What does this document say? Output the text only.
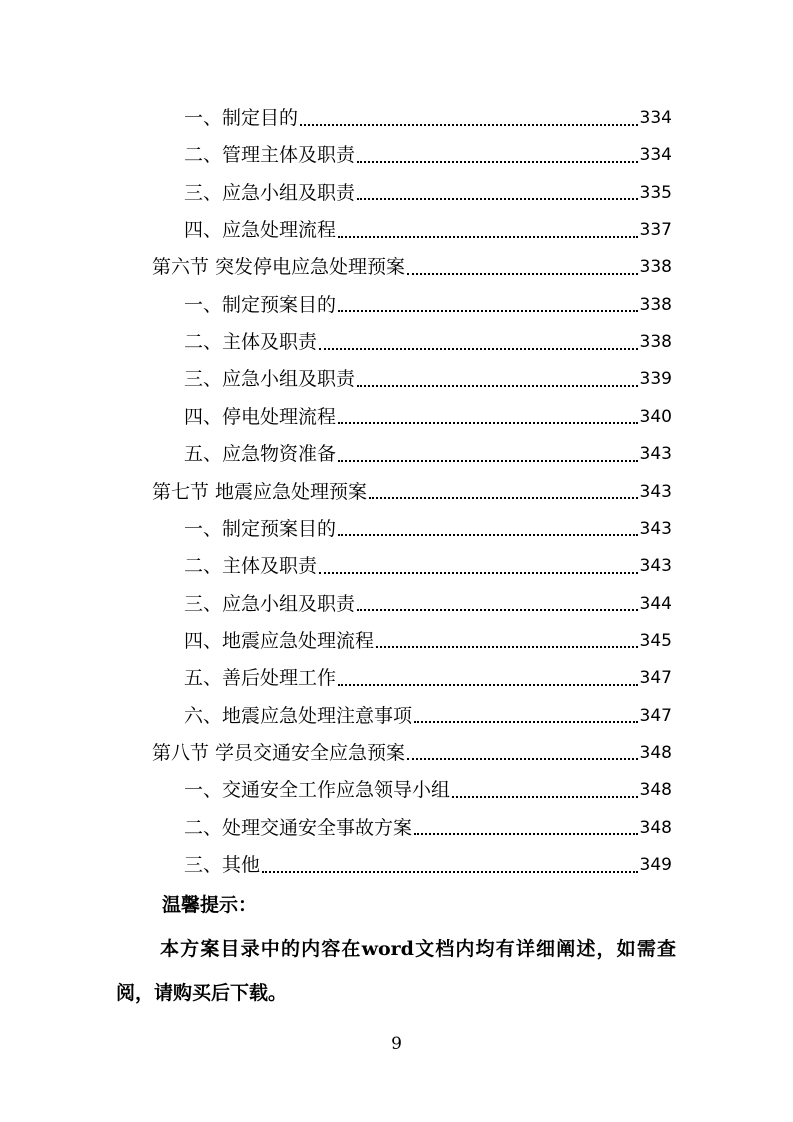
一、制定目的	334
二、管理主体及职责	334
三、应急小组及职责	335
四、应急处理流程	337
第六节 突发停电应急处理预案	338
一、制定预案目的	338
二、主体及职责	338
三、应急小组及职责	339
四、停电处理流程	340
五、应急物资准备	343
第七节 地震应急处理预案	343
一、制定预案目的	343
二、主体及职责	343
三、应急小组及职责	344
四、地震应急处理流程	345
五、善后处理工作	347
六、地震应急处理注意事项	347
第八节 学员交通安全应急预案	348
一、交通安全工作应急领导小组	348
二、处理交通安全事故方案	348
三、其他	349
温馨提示：
本方案目录中的内容在word文档内均有详细阐述，如需查阅，请购买后下载。
9
